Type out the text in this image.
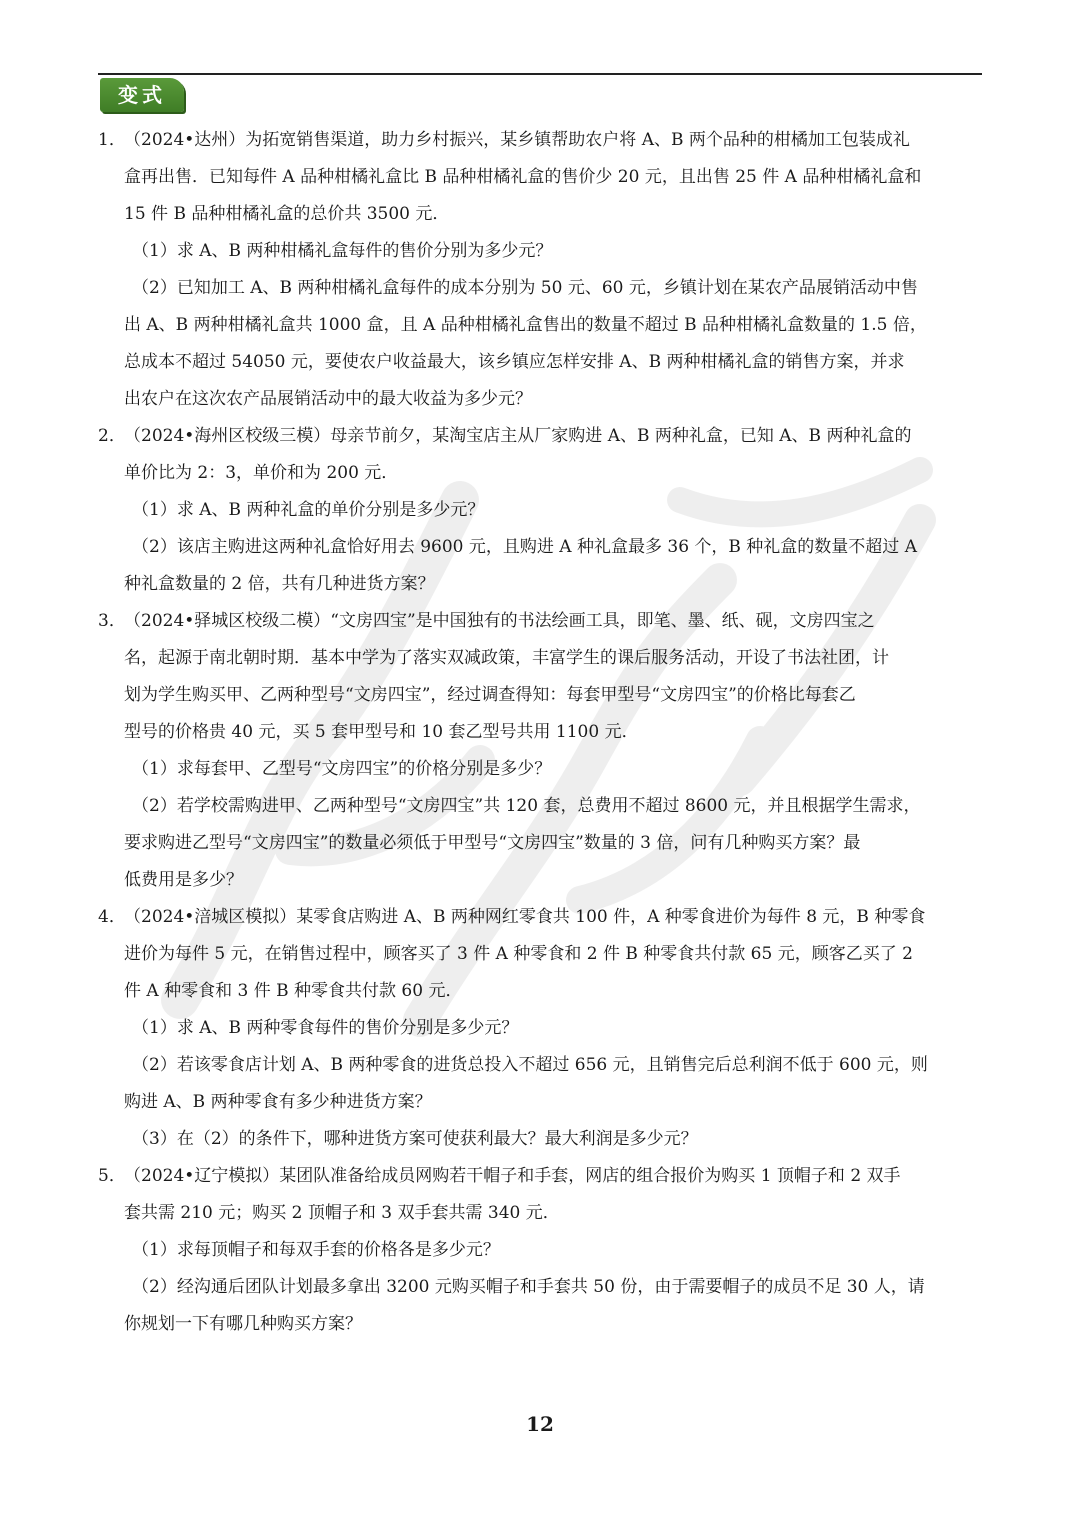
变式
1．
（2024•达州）为拓宽销售渠道，助力乡村振兴，某乡镇帮助农户将 A、B 两个品种的柑橘加工包装成礼
盒再出售．已知每件 A 品种柑橘礼盒比 B 品种柑橘礼盒的售价少 20 元，且出售 25 件 A 品种柑橘礼盒和
15 件 B 品种柑橘礼盒的总价共 3500 元．
（1）求 A、B 两种柑橘礼盒每件的售价分别为多少元？
（2）已知加工 A、B 两种柑橘礼盒每件的成本分别为 50 元、60 元，乡镇计划在某农产品展销活动中售
出 A、B 两种柑橘礼盒共 1000 盒，且 A 品种柑橘礼盒售出的数量不超过 B 品种柑橘礼盒数量的 1.5 倍，
总成本不超过 54050 元，要使农户收益最大，该乡镇应怎样安排 A、B 两种柑橘礼盒的销售方案，并求
出农户在这次农产品展销活动中的最大收益为多少元？
2．
（2024•海州区校级三模）母亲节前夕，某淘宝店主从厂家购进 A、B 两种礼盒，已知 A、B 两种礼盒的
单价比为 2：3，单价和为 200 元．
（1）求 A、B 两种礼盒的单价分别是多少元？
（2）该店主购进这两种礼盒恰好用去 9600 元，且购进 A 种礼盒最多 36 个，B 种礼盒的数量不超过 A
种礼盒数量的 2 倍，共有几种进货方案？
3．
（2024•驿城区校级二模）“文房四宝”是中国独有的书法绘画工具，即笔、墨、纸、砚，文房四宝之
名，起源于南北朝时期．基本中学为了落实双减政策，丰富学生的课后服务活动，开设了书法社团，计
划为学生购买甲、乙两种型号“文房四宝”，经过调查得知：每套甲型号“文房四宝”的价格比每套乙
型号的价格贵 40 元，买 5 套甲型号和 10 套乙型号共用 1100 元．
（1）求每套甲、乙型号“文房四宝”的价格分别是多少？
（2）若学校需购进甲、乙两种型号“文房四宝”共 120 套，总费用不超过 8600 元，并且根据学生需求，
要求购进乙型号“文房四宝”的数量必须低于甲型号“文房四宝”数量的 3 倍，问有几种购买方案？最
低费用是多少？
4．
（2024•涪城区模拟）某零食店购进 A、B 两种网红零食共 100 件，A 种零食进价为每件 8 元，B 种零食
进价为每件 5 元，在销售过程中，顾客买了 3 件 A 种零食和 2 件 B 种零食共付款 65 元，顾客乙买了 2
件 A 种零食和 3 件 B 种零食共付款 60 元．
（1）求 A、B 两种零食每件的售价分别是多少元？
（2）若该零食店计划 A、B 两种零食的进货总投入不超过 656 元，且销售完后总利润不低于 600 元，则
购进 A、B 两种零食有多少种进货方案？
（3）在（2）的条件下，哪种进货方案可使获利最大？最大利润是多少元？
5．
（2024•辽宁模拟）某团队准备给成员网购若干帽子和手套，网店的组合报价为购买 1 顶帽子和 2 双手
套共需 210 元；购买 2 顶帽子和 3 双手套共需 340 元．
（1）求每顶帽子和每双手套的价格各是多少元？
（2）经沟通后团队计划最多拿出 3200 元购买帽子和手套共 50 份，由于需要帽子的成员不足 30 人，请
你规划一下有哪几种购买方案？
12
